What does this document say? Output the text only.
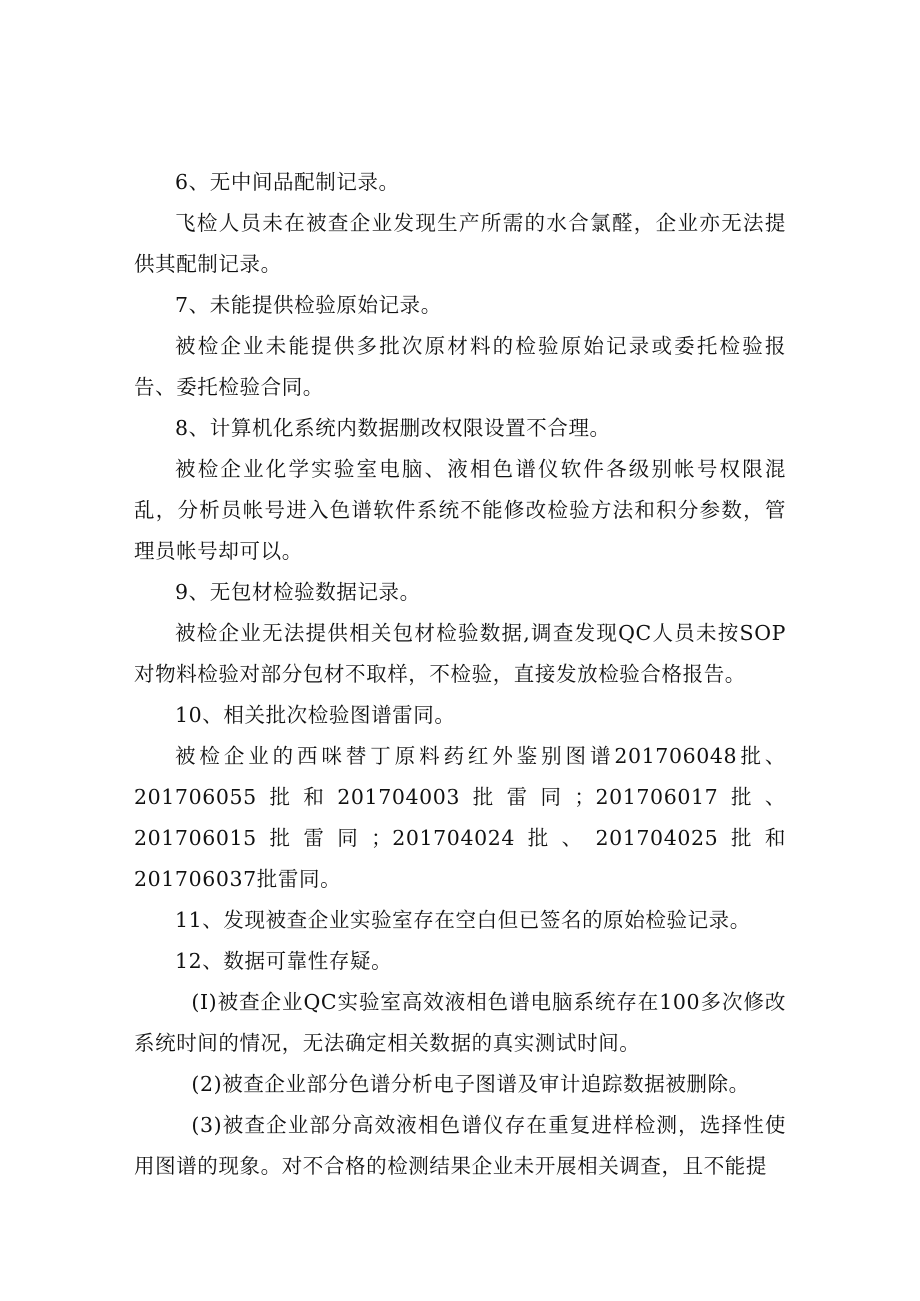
6、无中间品配制记录。

飞检人员未在被查企业发现生产所需的水合氯醛，企业亦无法提供其配制记录。

7、未能提供检验原始记录。

被检企业未能提供多批次原材料的检验原始记录或委托检验报告、委托检验合同。

8、计算机化系统内数据删改权限设置不合理。

被检企业化学实验室电脑、液相色谱仪软件各级别帐号权限混乱，分析员帐号进入色谱软件系统不能修改检验方法和积分参数，管理员帐号却可以。

9、无包材检验数据记录。

被检企业无法提供相关包材检验数据,调查发现QC人员未按SOP对物料检验对部分包材不取样，不检验，直接发放检验合格报告。

10、相关批次检验图谱雷同。

被检企业的西咪替丁原料药红外鉴别图谱201706048批、201706055批和201704003批雷同；201706017批、201706015批雷同；201704024批、201704025批和201706037批雷同。

11、发现被查企业实验室存在空白但已签名的原始检验记录。

12、数据可靠性存疑。

(I)被查企业QC实验室高效液相色谱电脑系统存在100多次修改系统时间的情况，无法确定相关数据的真实测试时间。

(2)被查企业部分色谱分析电子图谱及审计追踪数据被删除。

(3)被查企业部分高效液相色谱仪存在重复进样检测，选择性使用图谱的现象。对不合格的检测结果企业未开展相关调查，且不能提
